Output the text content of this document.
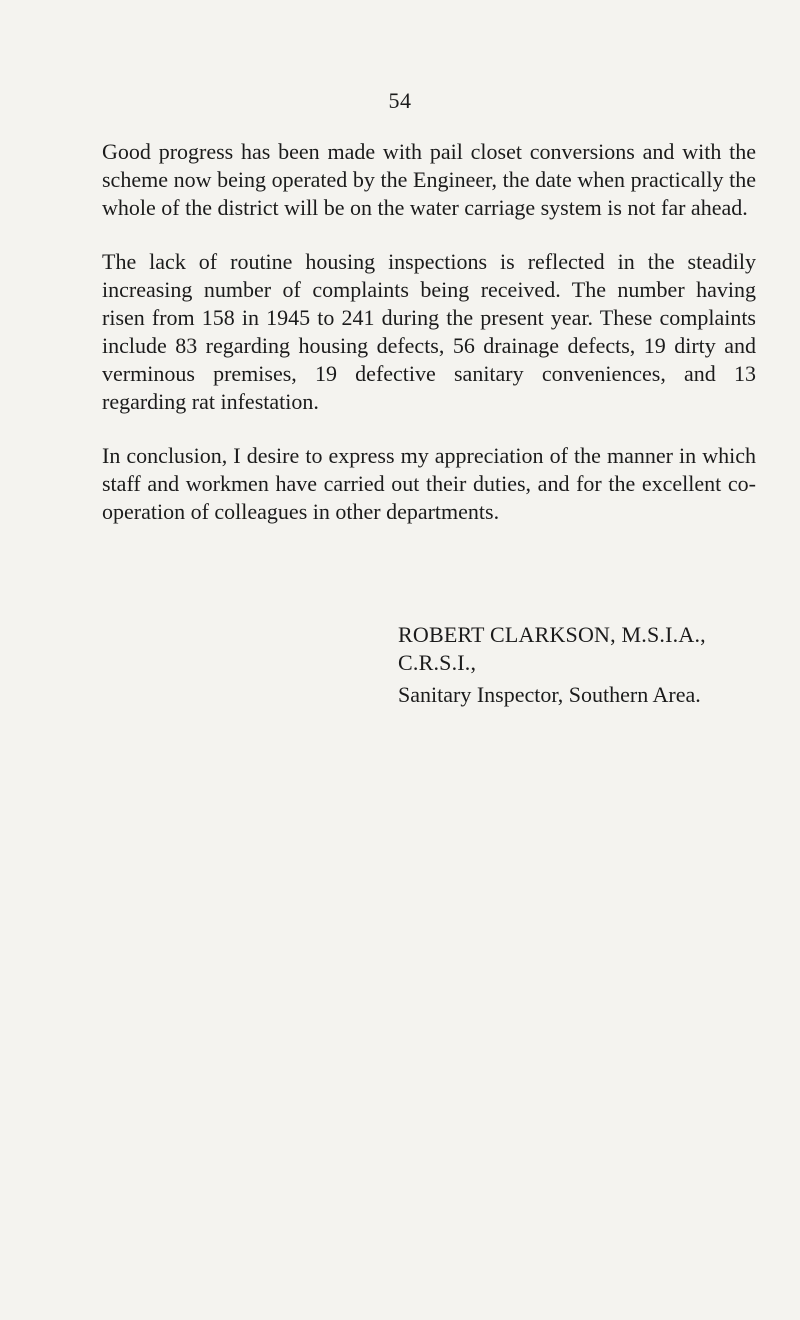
54

Good progress has been made with pail closet conversions and with the scheme now being operated by the Engineer, the date when practically the whole of the district will be on the water carriage system is not far ahead.

The lack of routine housing inspections is reflected in the steadily increasing number of complaints being received. The number having risen from 158 in 1945 to 241 during the present year. These complaints include 83 regarding housing defects, 56 drainage defects, 19 dirty and verminous premises, 19 defective sanitary conveniences, and 13 regarding rat infestation.

In conclusion, I desire to express my appreciation of the manner in which staff and workmen have carried out their duties, and for the excellent co-operation of colleagues in other departments.

ROBERT CLARKSON, M.S.I.A., C.R.S.I.,
Sanitary Inspector, Southern Area.
